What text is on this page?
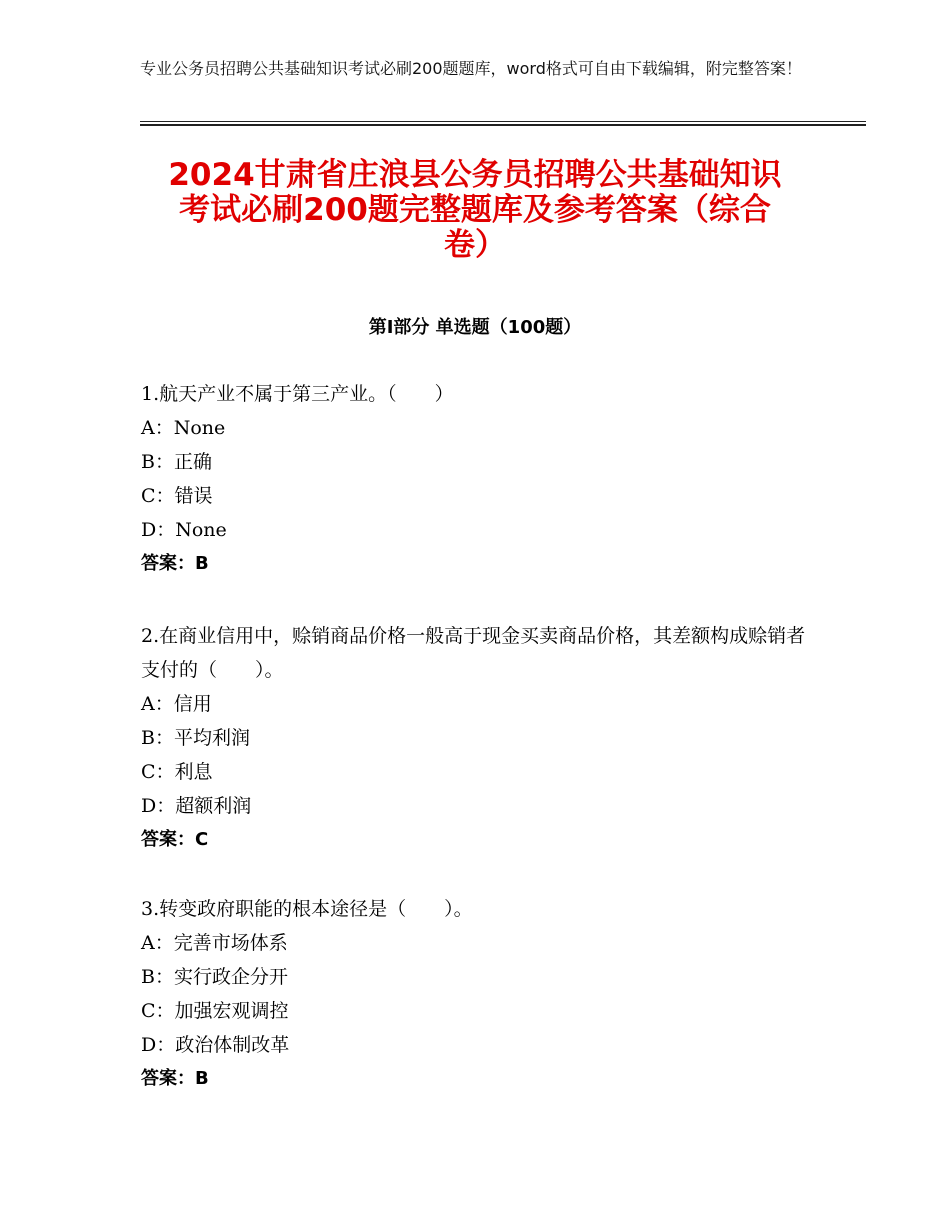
专业公务员招聘公共基础知识考试必刷200题题库，word格式可自由下载编辑，附完整答案！
2024甘肃省庄浪县公务员招聘公共基础知识
考试必刷200题完整题库及参考答案（综合
卷）
第Ⅰ部分 单选题（100题）

1.航天产业不属于第三产业。（　　）

A：None

B：正确

C：错误

D：None

答案：B

2.在商业信用中，赊销商品价格一般高于现金买卖商品价格，其差额构成赊销者支付的（　　）。

A：信用

B：平均利润

C：利息

D：超额利润

答案：C

3.转变政府职能的根本途径是（　　）。

A：完善市场体系

B：实行政企分开

C：加强宏观调控

D：政治体制改革

答案：B
